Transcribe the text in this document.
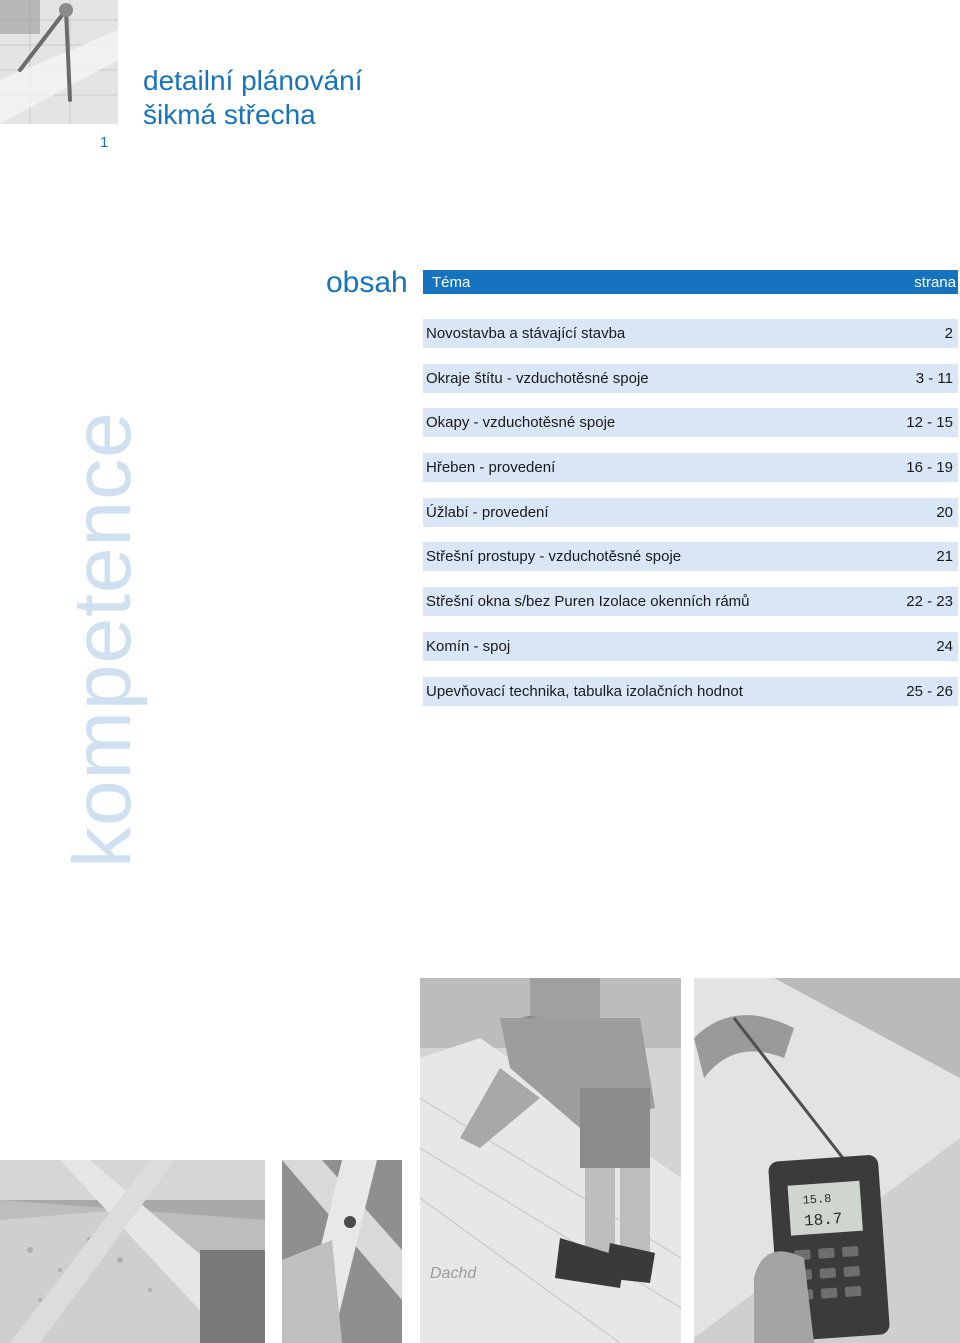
1
detailní plánování
šikmá střecha
kompetence
obsah Téma	strana
Novostavba a stávající stavba	2
Okraje štítu - vzduchotěsné spoje	3 - 11
Okapy - vzduchotěsné spoje	12 - 15
Hřeben - provedení	16 - 19
Úžlabí - provedení	20
Střešní prostupy - vzduchotěsné spoje	21
Střešní okna s/bez Puren Izolace okenních rámů	22 - 23
Komín - spoj	24
Upevňovací technika, tabulka izolačních hodnot	25 - 26
Dachd
15.8
18.7
